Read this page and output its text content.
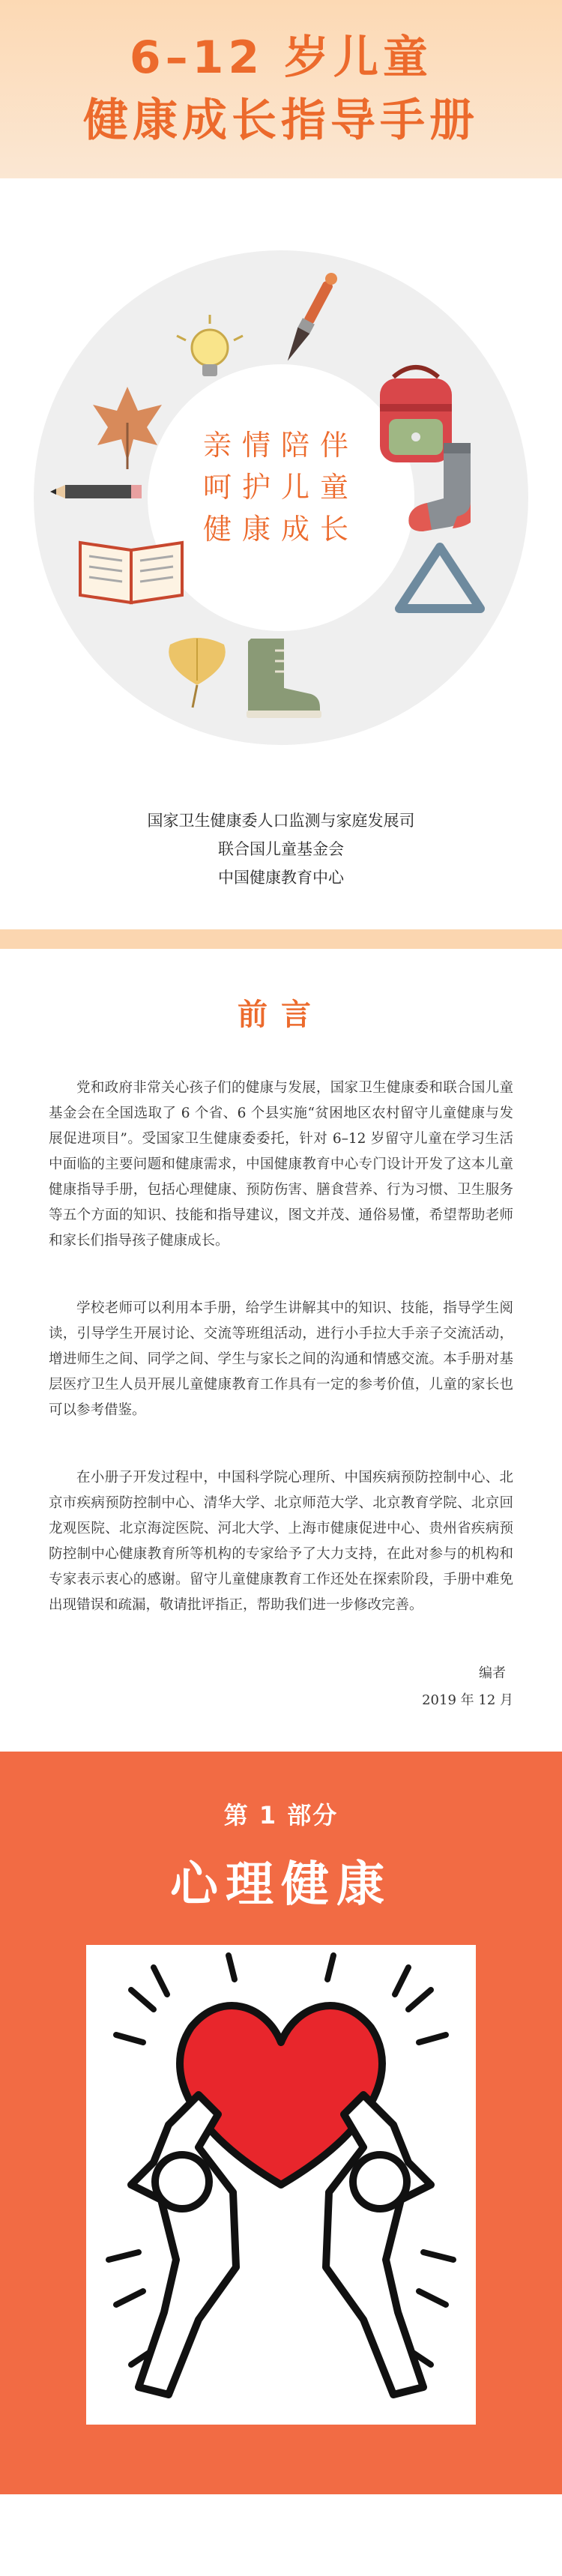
6–12 岁儿童
健康成长指导手册
亲情陪伴
呵护儿童
健康成长
国家卫生健康委人口监测与家庭发展司
联合国儿童基金会
中国健康教育中心
前言

党和政府非常关心孩子们的健康与发展，国家卫生健康委和联合国儿童基金会在全国选取了 6 个省、6 个县实施“贫困地区农村留守儿童健康与发展促进项目”。受国家卫生健康委委托，针对 6–12 岁留守儿童在学习生活中面临的主要问题和健康需求，中国健康教育中心专门设计开发了这本儿童健康指导手册，包括心理健康、预防伤害、膳食营养、行为习惯、卫生服务等五个方面的知识、技能和指导建议，图文并茂、通俗易懂，希望帮助老师和家长们指导孩子健康成长。

学校老师可以利用本手册，给学生讲解其中的知识、技能，指导学生阅读，引导学生开展讨论、交流等班组活动，进行小手拉大手亲子交流活动，增进师生之间、同学之间、学生与家长之间的沟通和情感交流。本手册对基层医疗卫生人员开展儿童健康教育工作具有一定的参考价值，儿童的家长也可以参考借鉴。

在小册子开发过程中，中国科学院心理所、中国疾病预防控制中心、北京市疾病预防控制中心、清华大学、北京师范大学、北京教育学院、北京回龙观医院、北京海淀医院、河北大学、上海市健康促进中心、贵州省疾病预防控制中心健康教育所等机构的专家给予了大力支持，在此对参与的机构和专家表示衷心的感谢。留守儿童健康教育工作还处在探索阶段，手册中难免出现错误和疏漏，敬请批评指正，帮助我们进一步修改完善。

编者
2019 年 12 月
第 1 部分
心理健康
